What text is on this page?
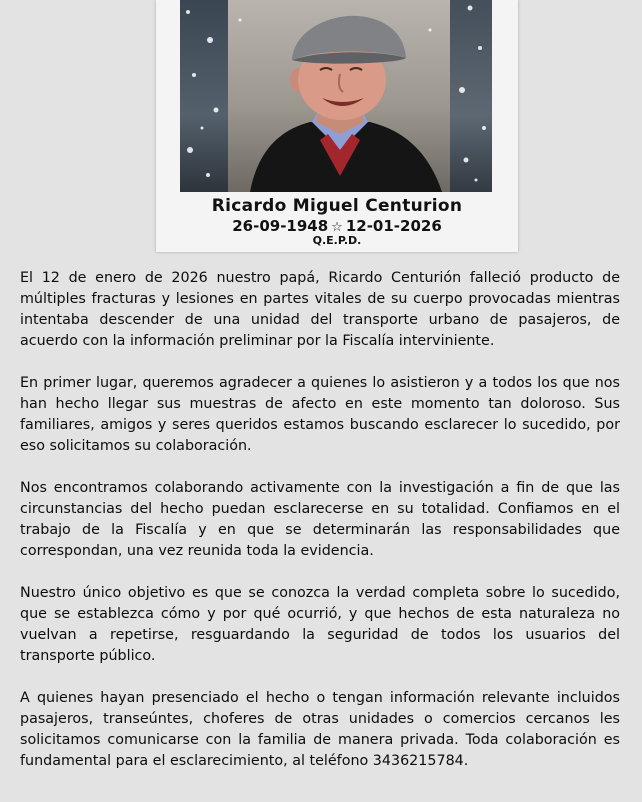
Ricardo Miguel Centurion
26-09-1948 ☆ 12-01-2026
Q.E.P.D.

El 12 de enero de 2026 nuestro papá, Ricardo Centurión falleció producto de múltiples fracturas y lesiones en partes vitales de su cuerpo provocadas mientras intentaba descender de una unidad del transporte urbano de pasajeros, de acuerdo con la información preliminar por la Fiscalía interviniente.

En primer lugar, queremos agradecer a quienes lo asistieron y a todos los que nos han hecho llegar sus muestras de afecto en este momento tan doloroso. Sus familiares, amigos y seres queridos estamos buscando esclarecer lo sucedido, por eso solicitamos su colaboración.

Nos encontramos colaborando activamente con la investigación a fin de que las circunstancias del hecho puedan esclarecerse en su totalidad. Confiamos en el trabajo de la Fiscalía y en que se determinarán las responsabilidades que correspondan, una vez reunida toda la evidencia.

Nuestro único objetivo es que se conozca la verdad completa sobre lo sucedido, que se establezca cómo y por qué ocurrió, y que hechos de esta naturaleza no vuelvan a repetirse, resguardando la seguridad de todos los usuarios del transporte público.

A quienes hayan presenciado el hecho o tengan información relevante incluidos pasajeros, transeúntes, choferes de otras unidades o comercios cercanos les solicitamos comunicarse con la familia de manera privada. Toda colaboración es fundamental para el esclarecimiento, al teléfono 3436215784.
